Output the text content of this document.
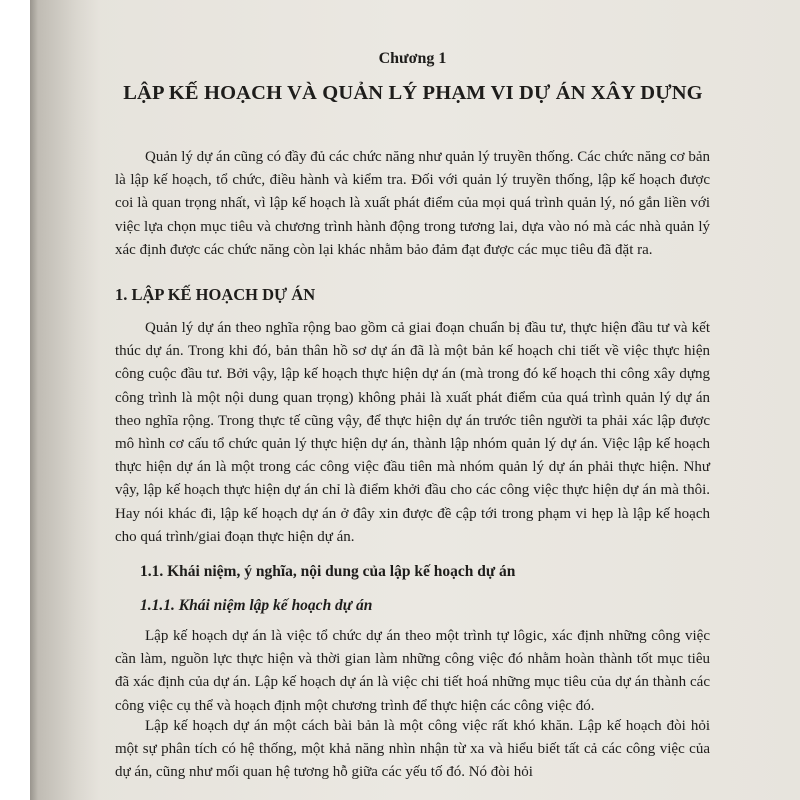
Chương 1
LẬP KẾ HOẠCH VÀ QUẢN LÝ PHẠM VI DỰ ÁN XÂY DỰNG
Quản lý dự án cũng có đầy đủ các chức năng như quản lý truyền thống. Các chức năng cơ bản là lập kế hoạch, tổ chức, điều hành và kiểm tra. Đối với quản lý truyền thống, lập kế hoạch được coi là quan trọng nhất, vì lập kế hoạch là xuất phát điểm của mọi quá trình quản lý, nó gắn liền với việc lựa chọn mục tiêu và chương trình hành động trong tương lai, dựa vào nó mà các nhà quản lý xác định được các chức năng còn lại khác nhằm bảo đảm đạt được các mục tiêu đã đặt ra.
1. LẬP KẾ HOẠCH DỰ ÁN
Quản lý dự án theo nghĩa rộng bao gồm cả giai đoạn chuẩn bị đầu tư, thực hiện đầu tư và kết thúc dự án. Trong khi đó, bản thân hồ sơ dự án đã là một bản kế hoạch chi tiết về việc thực hiện công cuộc đầu tư. Bởi vậy, lập kế hoạch thực hiện dự án (mà trong đó kế hoạch thi công xây dựng công trình là một nội dung quan trọng) không phải là xuất phát điểm của quá trình quản lý dự án theo nghĩa rộng. Trong thực tế cũng vậy, để thực hiện dự án trước tiên người ta phải xác lập được mô hình cơ cấu tổ chức quản lý thực hiện dự án, thành lập nhóm quản lý dự án. Việc lập kế hoạch thực hiện dự án là một trong các công việc đầu tiên mà nhóm quản lý dự án phải thực hiện. Như vậy, lập kế hoạch thực hiện dự án chỉ là điểm khởi đầu cho các công việc thực hiện dự án mà thôi. Hay nói khác đi, lập kế hoạch dự án ở đây xin được đề cập tới trong phạm vi hẹp là lập kế hoạch cho quá trình/giai đoạn thực hiện dự án.
1.1. Khái niệm, ý nghĩa, nội dung của lập kế hoạch dự án
1.1.1. Khái niệm lập kế hoạch dự án
Lập kế hoạch dự án là việc tổ chức dự án theo một trình tự lôgic, xác định những công việc cần làm, nguồn lực thực hiện và thời gian làm những công việc đó nhằm hoàn thành tốt mục tiêu đã xác định của dự án. Lập kế hoạch dự án là việc chi tiết hoá những mục tiêu của dự án thành các công việc cụ thể và hoạch định một chương trình để thực hiện các công việc đó.
Lập kế hoạch dự án một cách bài bản là một công việc rất khó khăn. Lập kế hoạch đòi hỏi một sự phân tích có hệ thống, một khả năng nhìn nhận từ xa và hiểu biết tất cả các công việc của dự án, cũng như mối quan hệ tương hỗ giữa các yếu tố đó. Nó đòi hỏi
